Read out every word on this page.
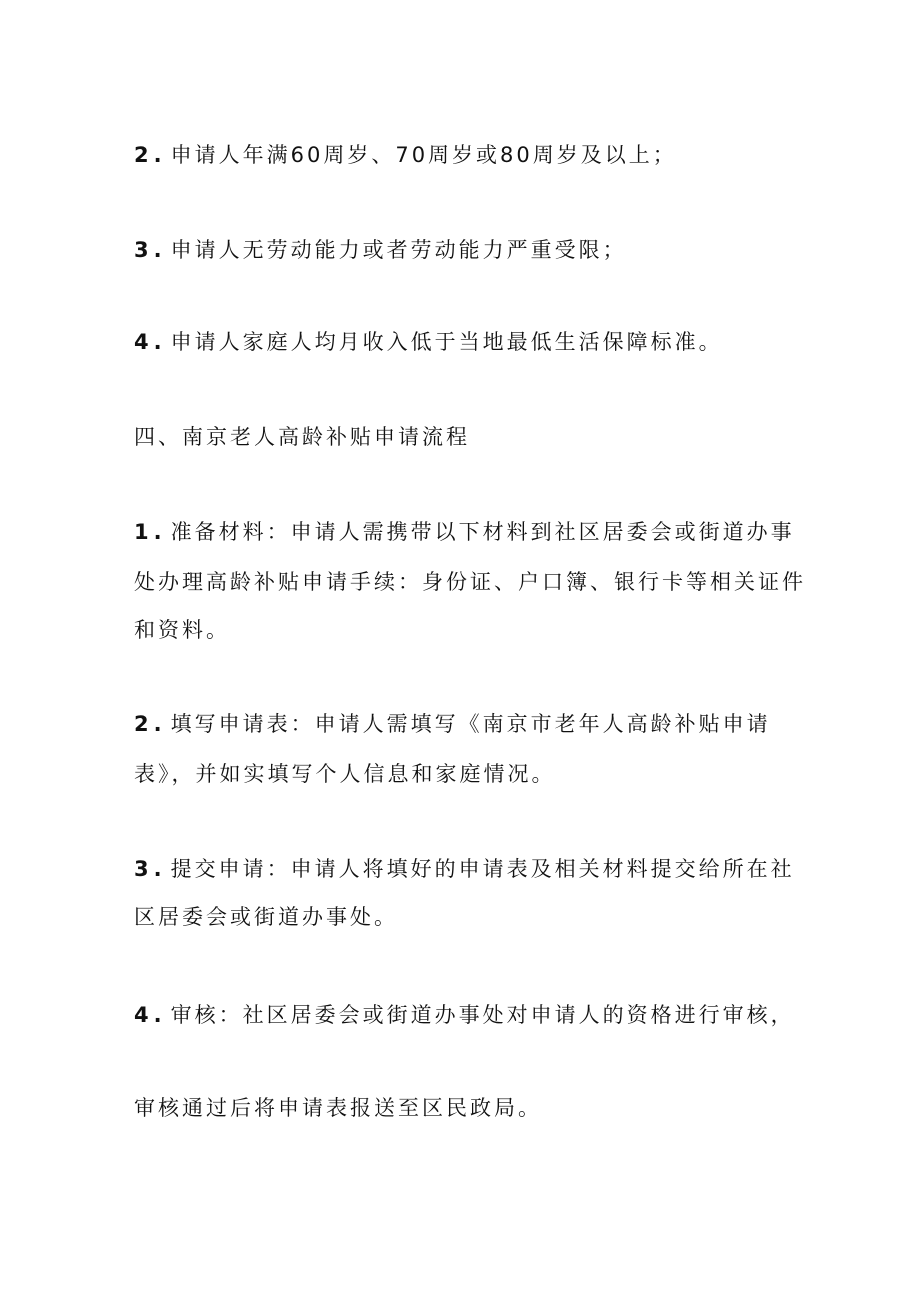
2 . 申请人年满60周岁、70周岁或80周岁及以上；
3 . 申请人无劳动能力或者劳动能力严重受限；
4 . 申请人家庭人均月收入低于当地最低生活保障标准。
四、南京老人高龄补贴申请流程
1 . 准备材料：申请人需携带以下材料到社区居委会或街道办事
处办理高龄补贴申请手续：身份证、户口簿、银行卡等相关证件
和资料。
2 . 填写申请表：申请人需填写《南京市老年人高龄补贴申请
表》，并如实填写个人信息和家庭情况。
3 . 提交申请：申请人将填好的申请表及相关材料提交给所在社
区居委会或街道办事处。
4 . 审核：社区居委会或街道办事处对申请人的资格进行审核，
审核通过后将申请表报送至区民政局。
